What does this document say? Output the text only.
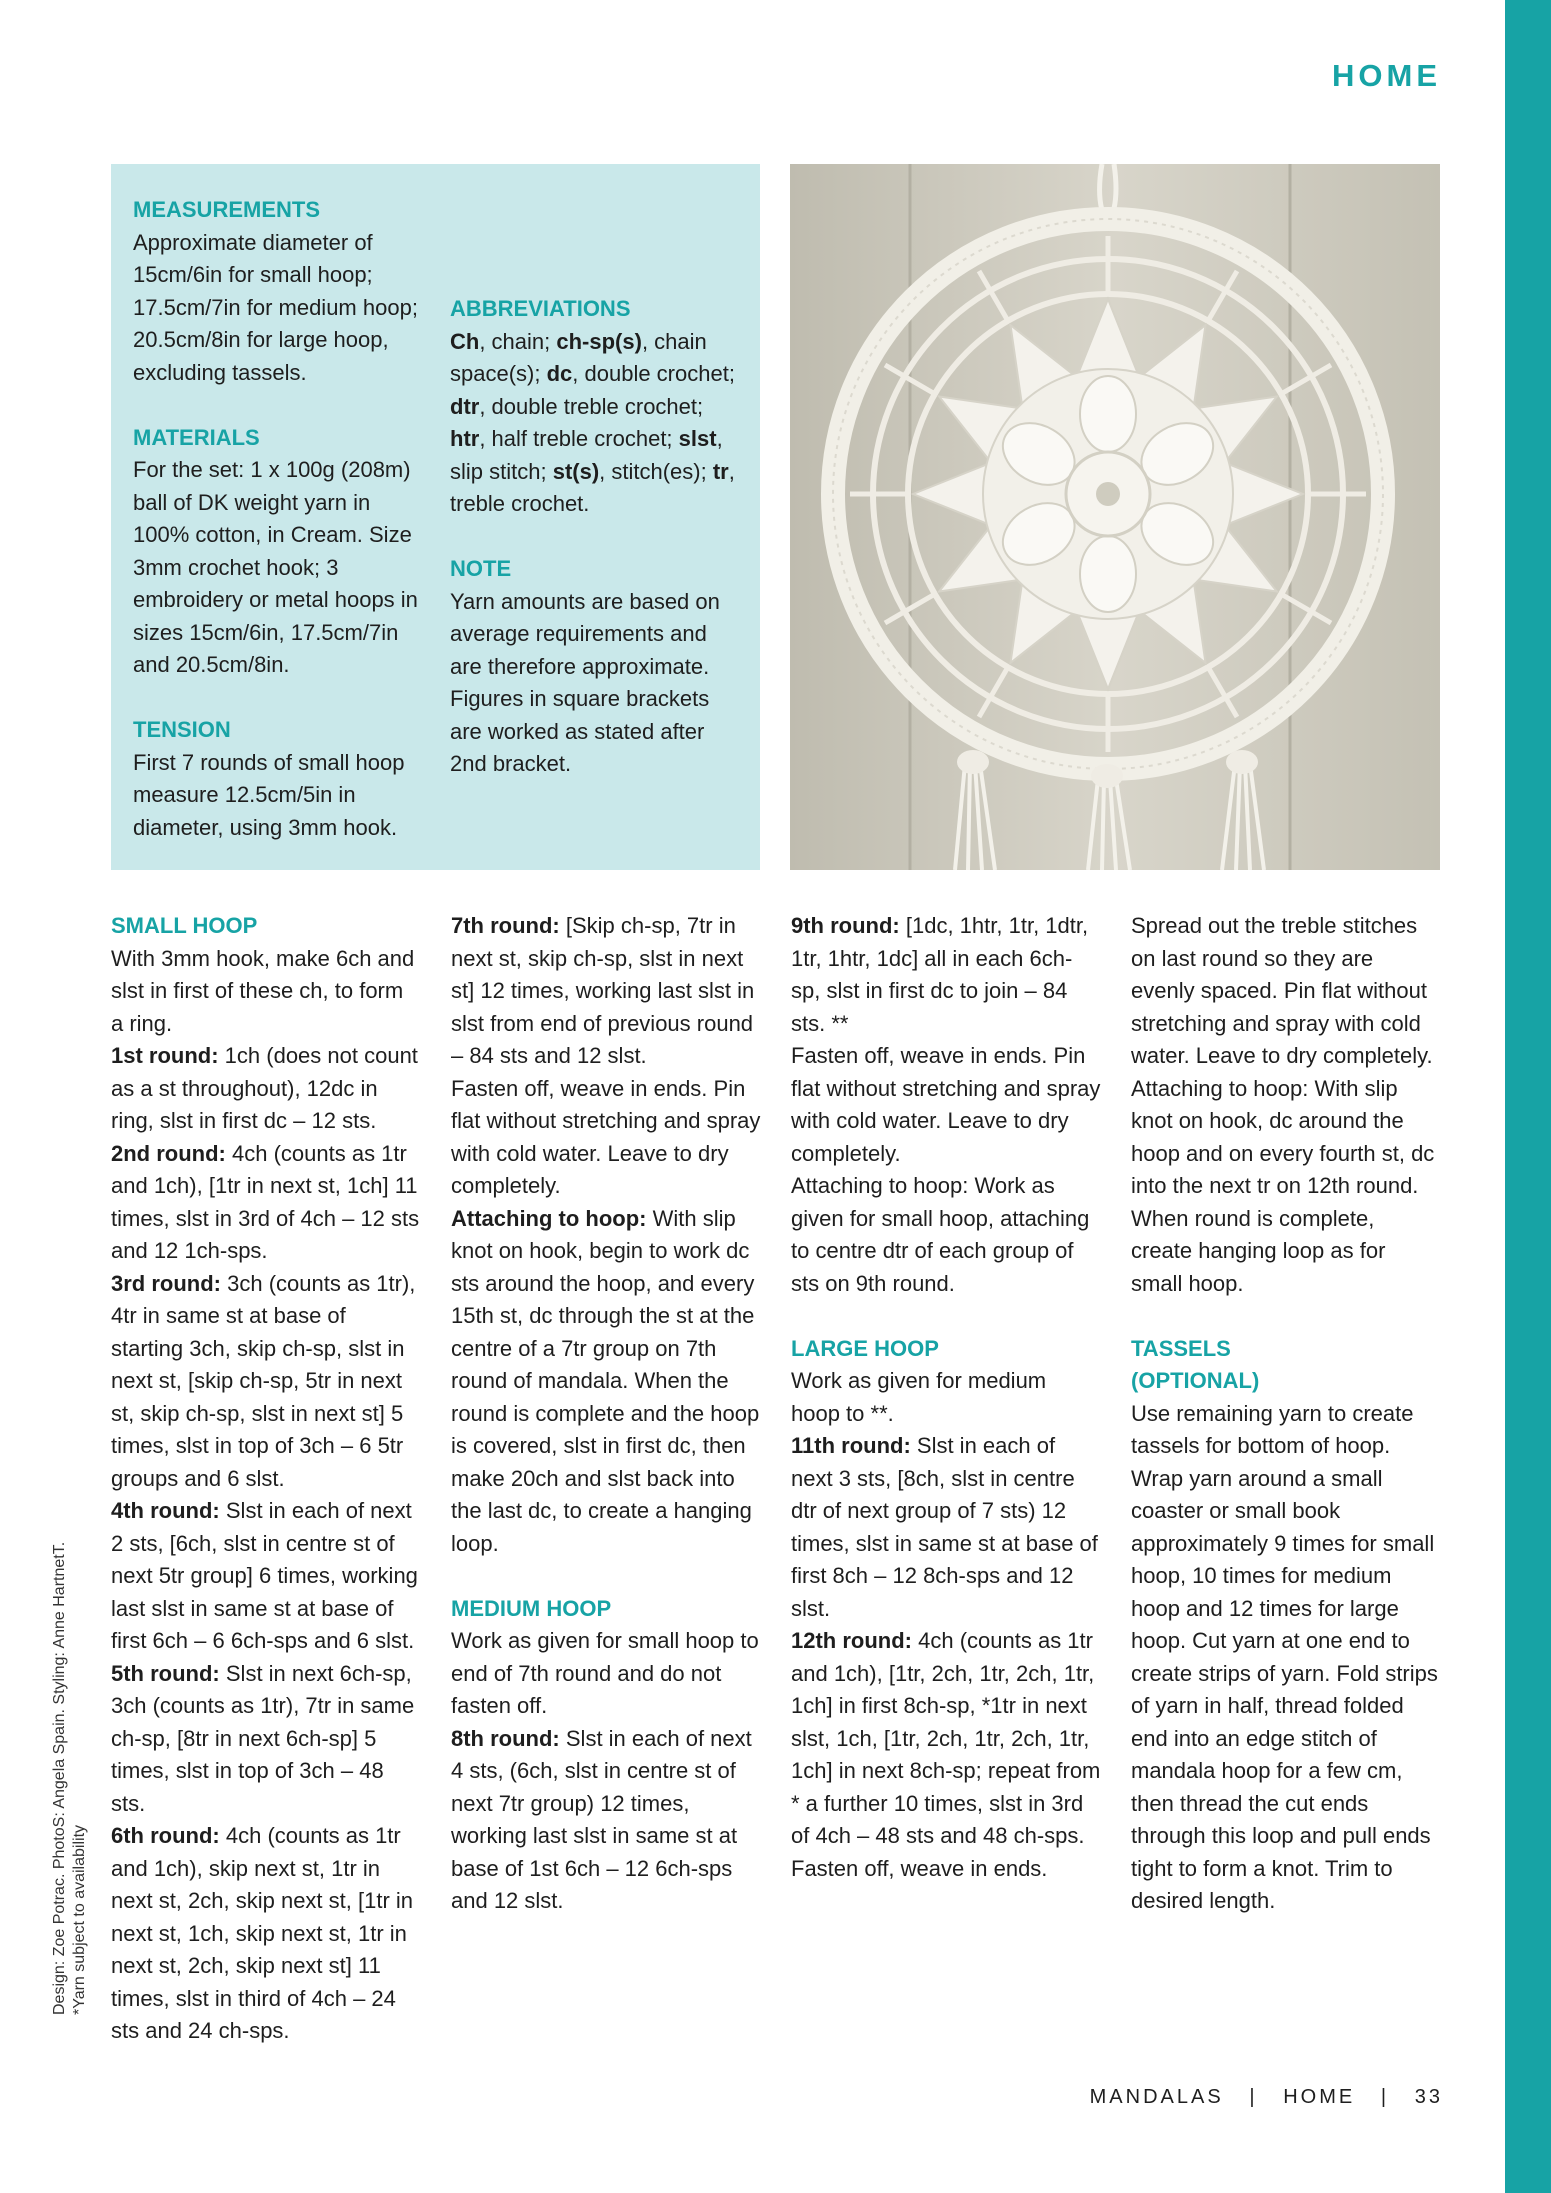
HOME
MEASUREMENTS

Approximate diameter of 15cm/6in for small hoop; 17.5cm/7in for medium hoop; 20.5cm/8in for large hoop, excluding tassels.

MATERIALS

For the set: 1 x 100g (208m) ball of DK weight yarn in 100% cotton, in Cream. Size 3mm crochet hook; 3 embroidery or metal hoops in sizes 15cm/6in, 17.5cm/7in and 20.5cm/8in.

TENSION

First 7 rounds of small hoop measure 12.5cm/5in in diameter, using 3mm hook.

ABBREVIATIONS

Ch, chain; ch-sp(s), chain space(s); dc, double crochet; dtr, double treble crochet; htr, half treble crochet; slst, slip stitch; st(s), stitch(es); tr, treble crochet.

NOTE

Yarn amounts are based on average requirements and are therefore approximate. Figures in square brackets are worked as stated after 2nd bracket.

SMALL HOOP

With 3mm hook, make 6ch and slst in first of these ch, to form a ring.

1st round: 1ch (does not count as a st throughout), 12dc in ring, slst in first dc – 12 sts.

2nd round: 4ch (counts as 1tr and 1ch), [1tr in next st, 1ch] 11 times, slst in 3rd of 4ch – 12 sts and 12 1ch-sps.

3rd round: 3ch (counts as 1tr), 4tr in same st at base of starting 3ch, skip ch-sp, slst in next st, [skip ch-sp, 5tr in next st, skip ch-sp, slst in next st] 5 times, slst in top of 3ch – 6 5tr groups and 6 slst.

4th round: Slst in each of next 2 sts, [6ch, slst in centre st of next 5tr group] 6 times, working last slst in same st at base of first 6ch – 6 6ch-sps and 6 slst.

5th round: Slst in next 6ch-sp, 3ch (counts as 1tr), 7tr in same ch-sp, [8tr in next 6ch-sp] 5 times, slst in top of 3ch – 48 sts.

6th round: 4ch (counts as 1tr and 1ch), skip next st, 1tr in next st, 2ch, skip next st, [1tr in next st, 1ch, skip next st, 1tr in next st, 2ch, skip next st] 11 times, slst in third of 4ch – 24 sts and 24 ch-sps.

7th round: [Skip ch-sp, 7tr in next st, skip ch-sp, slst in next st] 12 times, working last slst in slst from end of previous round – 84 sts and 12 slst.

Fasten off, weave in ends. Pin flat without stretching and spray with cold water. Leave to dry completely.

Attaching to hoop: With slip knot on hook, begin to work dc sts around the hoop, and every 15th st, dc through the st at the centre of a 7tr group on 7th round of mandala. When the round is complete and the hoop is covered, slst in first dc, then make 20ch and slst back into the last dc, to create a hanging loop.

MEDIUM HOOP

Work as given for small hoop to end of 7th round and do not fasten off.

8th round: Slst in each of next 4 sts, (6ch, slst in centre st of next 7tr group) 12 times, working last slst in same st at base of 1st 6ch – 12 6ch-sps and 12 slst.

9th round: [1dc, 1htr, 1tr, 1dtr, 1tr, 1htr, 1dc] all in each 6ch-sp, slst in first dc to join – 84 sts. **

Fasten off, weave in ends. Pin flat without stretching and spray with cold water. Leave to dry completely.

Attaching to hoop: Work as given for small hoop, attaching to centre dtr of each group of sts on 9th round.

LARGE HOOP

Work as given for medium hoop to **.

11th round: Slst in each of next 3 sts, [8ch, slst in centre dtr of next group of 7 sts) 12 times, slst in same st at base of first 8ch – 12 8ch-sps and 12 slst.

12th round: 4ch (counts as 1tr and 1ch), [1tr, 2ch, 1tr, 2ch, 1tr, 1ch] in first 8ch-sp, *1tr in next slst, 1ch, [1tr, 2ch, 1tr, 2ch, 1tr, 1ch] in next 8ch-sp; repeat from * a further 10 times, slst in 3rd of 4ch – 48 sts and 48 ch-sps.

Fasten off, weave in ends.

Spread out the treble stitches on last round so they are evenly spaced. Pin flat without stretching and spray with cold water. Leave to dry completely.

Attaching to hoop: With slip knot on hook, dc around the hoop and on every fourth st, dc into the next tr on 12th round. When round is complete, create hanging loop as for small hoop.

TASSELS
(OPTIONAL)

Use remaining yarn to create tassels for bottom of hoop. Wrap yarn around a small coaster or small book approximately 9 times for small hoop, 10 times for medium hoop and 12 times for large hoop. Cut yarn at one end to create strips of yarn. Fold strips of yarn in half, thread folded end into an edge stitch of mandala hoop for a few cm, then thread the cut ends through this loop and pull ends tight to form a knot. Trim to desired length.

Design: Zoe Potrac. PhotoS: Angela Spain. Styling: Anne HartnetT. *Yarn subject to availability
MANDALAS | HOME | 33
